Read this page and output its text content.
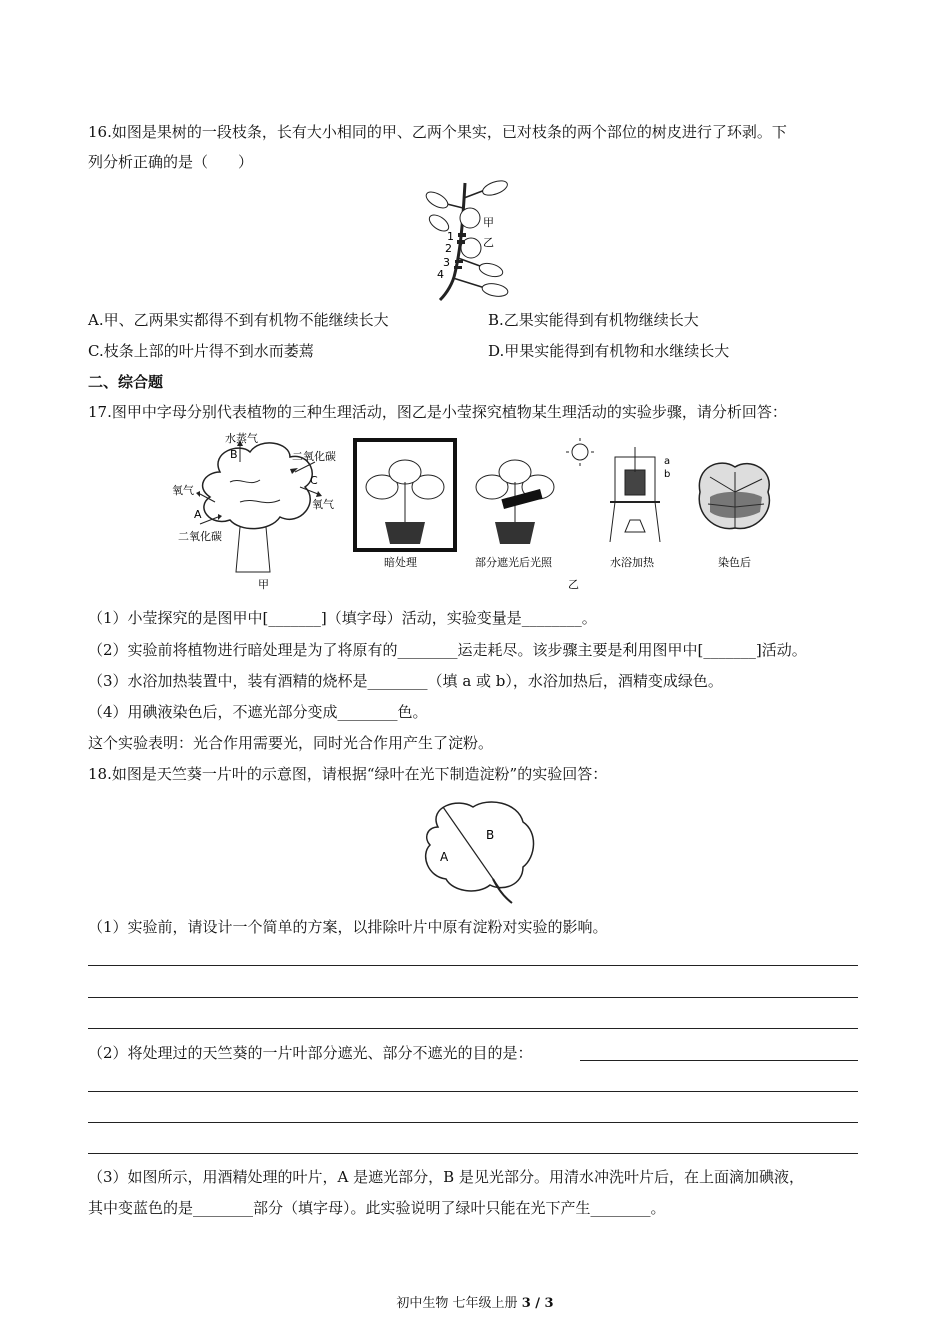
16.如图是果树的一段枝条，长有大小相同的甲、乙两个果实，已对枝条的两个部位的树皮进行了环剥。下
列分析正确的是（　　）
甲
乙
1
2
3
4
A.甲、乙两果实都得不到有机物不能继续长大	B.乙果实能得到有机物继续长大
C.枝条上部的叶片得不到水而萎蔫	D.甲果实能得到有机物和水继续长大
二、综合题
17.图甲中字母分别代表植物的三种生理活动，图乙是小莹探究植物某生理活动的实验步骤，请分析回答：
水蒸气
B	二氧化碳
C
氧气
氧气
A
二氧化碳
甲
暗处理	部分遮光后光照
a
b
水浴加热	染色后
乙
（1）小莹探究的是图甲中[_______]（填字母）活动，实验变量是________。
（2）实验前将植物进行暗处理是为了将原有的________运走耗尽。该步骤主要是利用图甲中[_______]活动。
（3）水浴加热装置中，装有酒精的烧杯是________（填 a 或 b），水浴加热后，酒精变成绿色。
（4）用碘液染色后，不遮光部分变成________色。
这个实验表明：光合作用需要光，同时光合作用产生了淀粉。
18.如图是天竺葵一片叶的示意图，请根据“绿叶在光下制造淀粉”的实验回答：
A
B
（1）实验前，请设计一个简单的方案，以排除叶片中原有淀粉对实验的影响。
（2）将处理过的天竺葵的一片叶部分遮光、部分不遮光的目的是：
（3）如图所示，用酒精处理的叶片，A 是遮光部分，B 是见光部分。用清水冲洗叶片后，在上面滴加碘液，
其中变蓝色的是________部分（填字母）。此实验说明了绿叶只能在光下产生________。
初中生物 七年级上册 3 / 3
